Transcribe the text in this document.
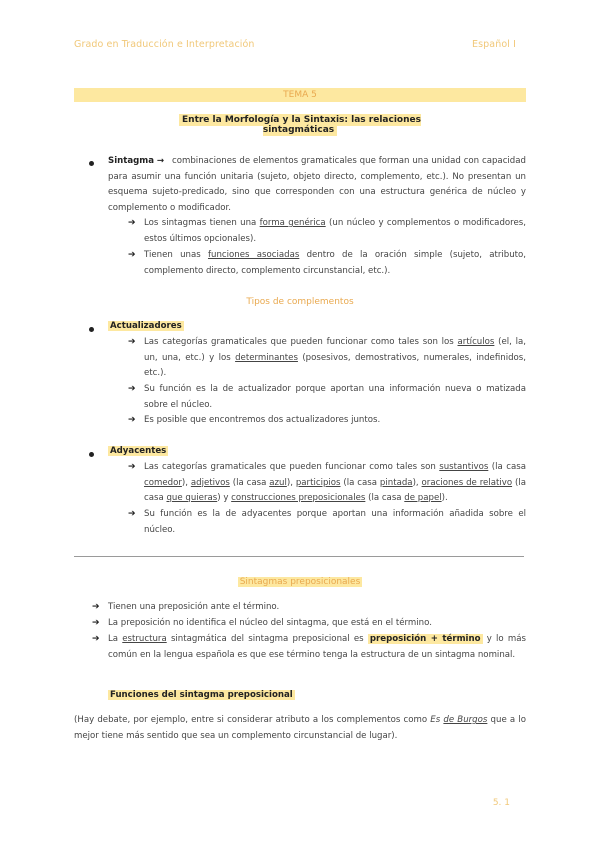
Grado en Traducción e Interpretación	Español I
TEMA 5
Entre la Morfología y la Sintaxis: las relaciones sintagmáticas
Sintagma → combinaciones de elementos gramaticales que forman una unidad con capacidad para asumir una función unitaria (sujeto, objeto directo, complemento, etc.). No presentan un esquema sujeto-predicado, sino que corresponden con una estructura genérica de núcleo y complemento o modificador.
➔ Los sintagmas tienen una forma genérica (un núcleo y complementos o modificadores, estos últimos opcionales).
➔ Tienen unas funciones asociadas dentro de la oración simple (sujeto, atributo, complemento directo, complemento circunstancial, etc.).
Tipos de complementos
Actualizadores
➔ Las categorías gramaticales que pueden funcionar como tales son los artículos (el, la, un, una, etc.) y los determinantes (posesivos, demostrativos, numerales, indefinidos, etc.).
➔ Su función es la de actualizador porque aportan una información nueva o matizada sobre el núcleo.
➔ Es posible que encontremos dos actualizadores juntos.
Adyacentes
➔ Las categorías gramaticales que pueden funcionar como tales son sustantivos (la casa comedor), adjetivos (la casa azul), participios (la casa pintada), oraciones de relativo (la casa que quieras) y construcciones preposicionales (la casa de papel).
➔ Su función es la de adyacentes porque aportan una información añadida sobre el núcleo.
Sintagmas preposicionales
➔ Tienen una preposición ante el término.
➔ La preposición no identifica el núcleo del sintagma, que está en el término.
➔ La estructura sintagmática del sintagma preposicional es preposición + término y lo más común en la lengua española es que ese término tenga la estructura de un sintagma nominal.
Funciones del sintagma preposicional
(Hay debate, por ejemplo, entre si considerar atributo a los complementos como Es de Burgos que a lo mejor tiene más sentido que sea un complemento circunstancial de lugar).
5. 1
